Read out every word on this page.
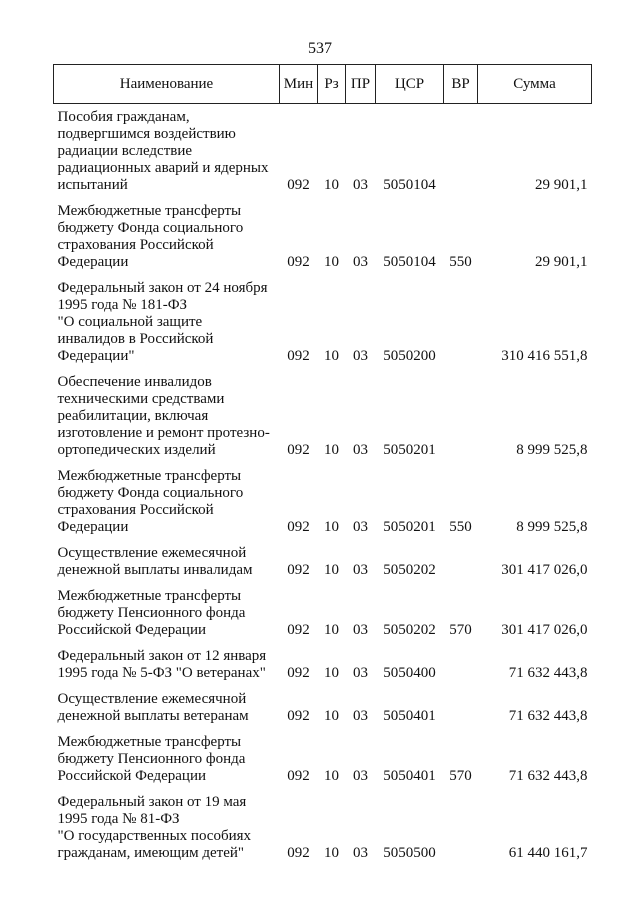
537
Наименование	Мин	Рз	ПР	ЦСР	ВР	Сумма

Пособия гражданам,
подвергшимся воздействию
радиации вследствие
радиационных аварий и ядерных
испытаний	092	10	03	5050104		29 901,1

Межбюджетные трансферты
бюджету Фонда социального
страхования Российской
Федерации	092	10	03	5050104	550	29 901,1

Федеральный закон от 24 ноября
1995 года № 181-ФЗ
"О социальной защите
инвалидов в Российской
Федерации"	092	10	03	5050200		310 416 551,8

Обеспечение инвалидов
техническими средствами
реабилитации, включая
изготовление и ремонт протезно-
ортопедических изделий	092	10	03	5050201		8 999 525,8

Межбюджетные трансферты
бюджету Фонда социального
страхования Российской
Федерации	092	10	03	5050201	550	8 999 525,8

Осуществление ежемесячной
денежной выплаты инвалидам	092	10	03	5050202		301 417 026,0

Межбюджетные трансферты
бюджету Пенсионного фонда
Российской Федерации	092	10	03	5050202	570	301 417 026,0

Федеральный закон от 12 января
1995 года № 5-ФЗ "О ветеранах"	092	10	03	5050400		71 632 443,8

Осуществление ежемесячной
денежной выплаты ветеранам	092	10	03	5050401		71 632 443,8

Межбюджетные трансферты
бюджету Пенсионного фонда
Российской Федерации	092	10	03	5050401	570	71 632 443,8

Федеральный закон от 19 мая
1995 года № 81-ФЗ
"О государственных пособиях
гражданам, имеющим детей"	092	10	03	5050500		61 440 161,7
